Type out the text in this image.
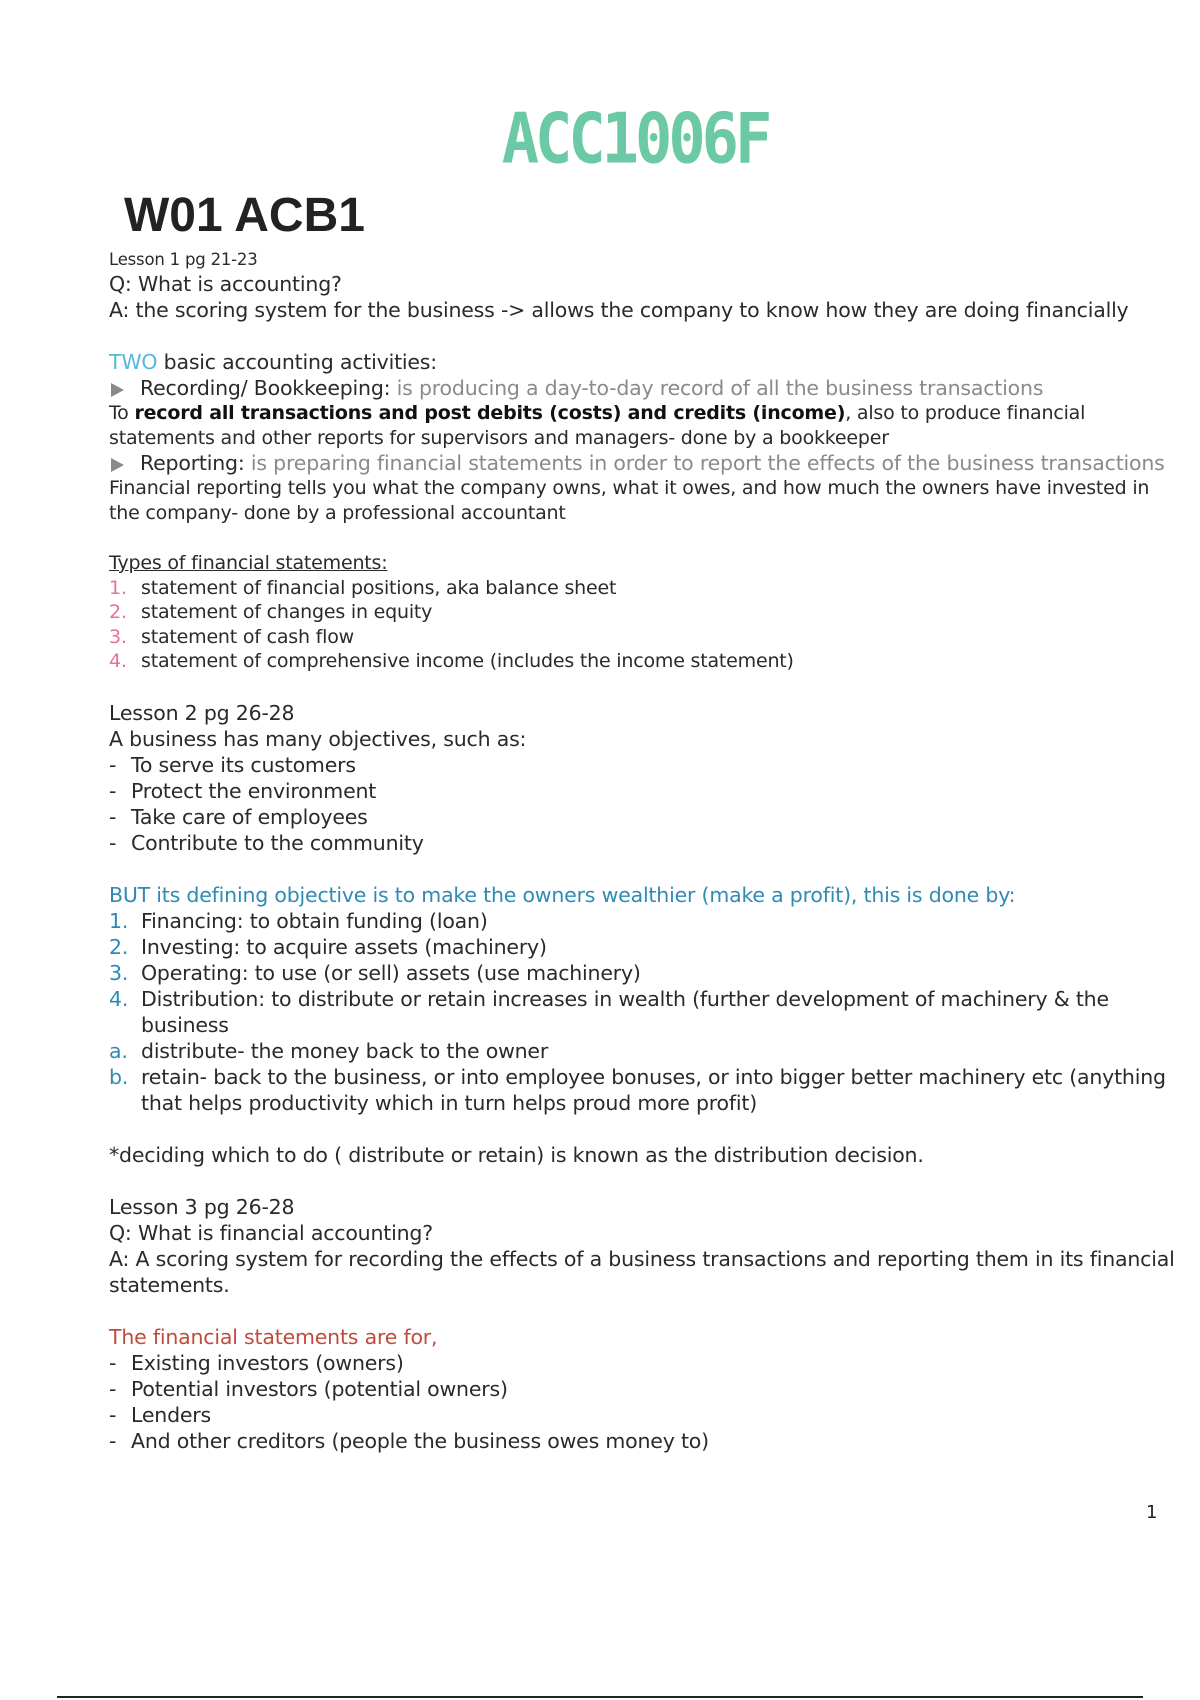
ACC1006F
W01 ACB1

Lesson 1 pg 21-23

Q: What is accounting?

A: the scoring system for the business -> allows the company to know how they are doing financially

TWO basic accounting activities:

Recording/ Bookkeeping: is producing a day-to-day record of all the business transactions

To record all transactions and post debits (costs) and credits (income), also to produce financial statements and other reports for supervisors and managers- done by a bookkeeper

Reporting: is preparing financial statements in order to report the effects of the business transactions

Financial reporting tells you what the company owns, what it owes, and how much the owners have invested in the company- done by a professional accountant

Types of financial statements:

1. statement of financial positions, aka balance sheet
2. statement of changes in equity
3. statement of cash flow
4. statement of comprehensive income (includes the income statement)

Lesson 2 pg 26-28

A business has many objectives, such as:

- To serve its customers
- Protect the environment
- Take care of employees
- Contribute to the community

BUT its defining objective is to make the owners wealthier (make a profit), this is done by:

1. Financing: to obtain funding (loan)
2. Investing: to acquire assets (machinery)
3. Operating: to use (or sell) assets (use machinery)
4. Distribution: to distribute or retain increases in wealth (further development of machinery & the business
a. distribute- the money back to the owner
b. retain- back to the business, or into employee bonuses, or into bigger better machinery etc (anything that helps productivity which in turn helps proud more profit)

*deciding which to do ( distribute or retain) is known as the distribution decision.

Lesson 3 pg 26-28

Q: What is financial accounting?

A: A scoring system for recording the effects of a business transactions and reporting them in its financial statements.

The financial statements are for,

- Existing investors (owners)
- Potential investors (potential owners)
- Lenders
- And other creditors (people the business owes money to)
1
